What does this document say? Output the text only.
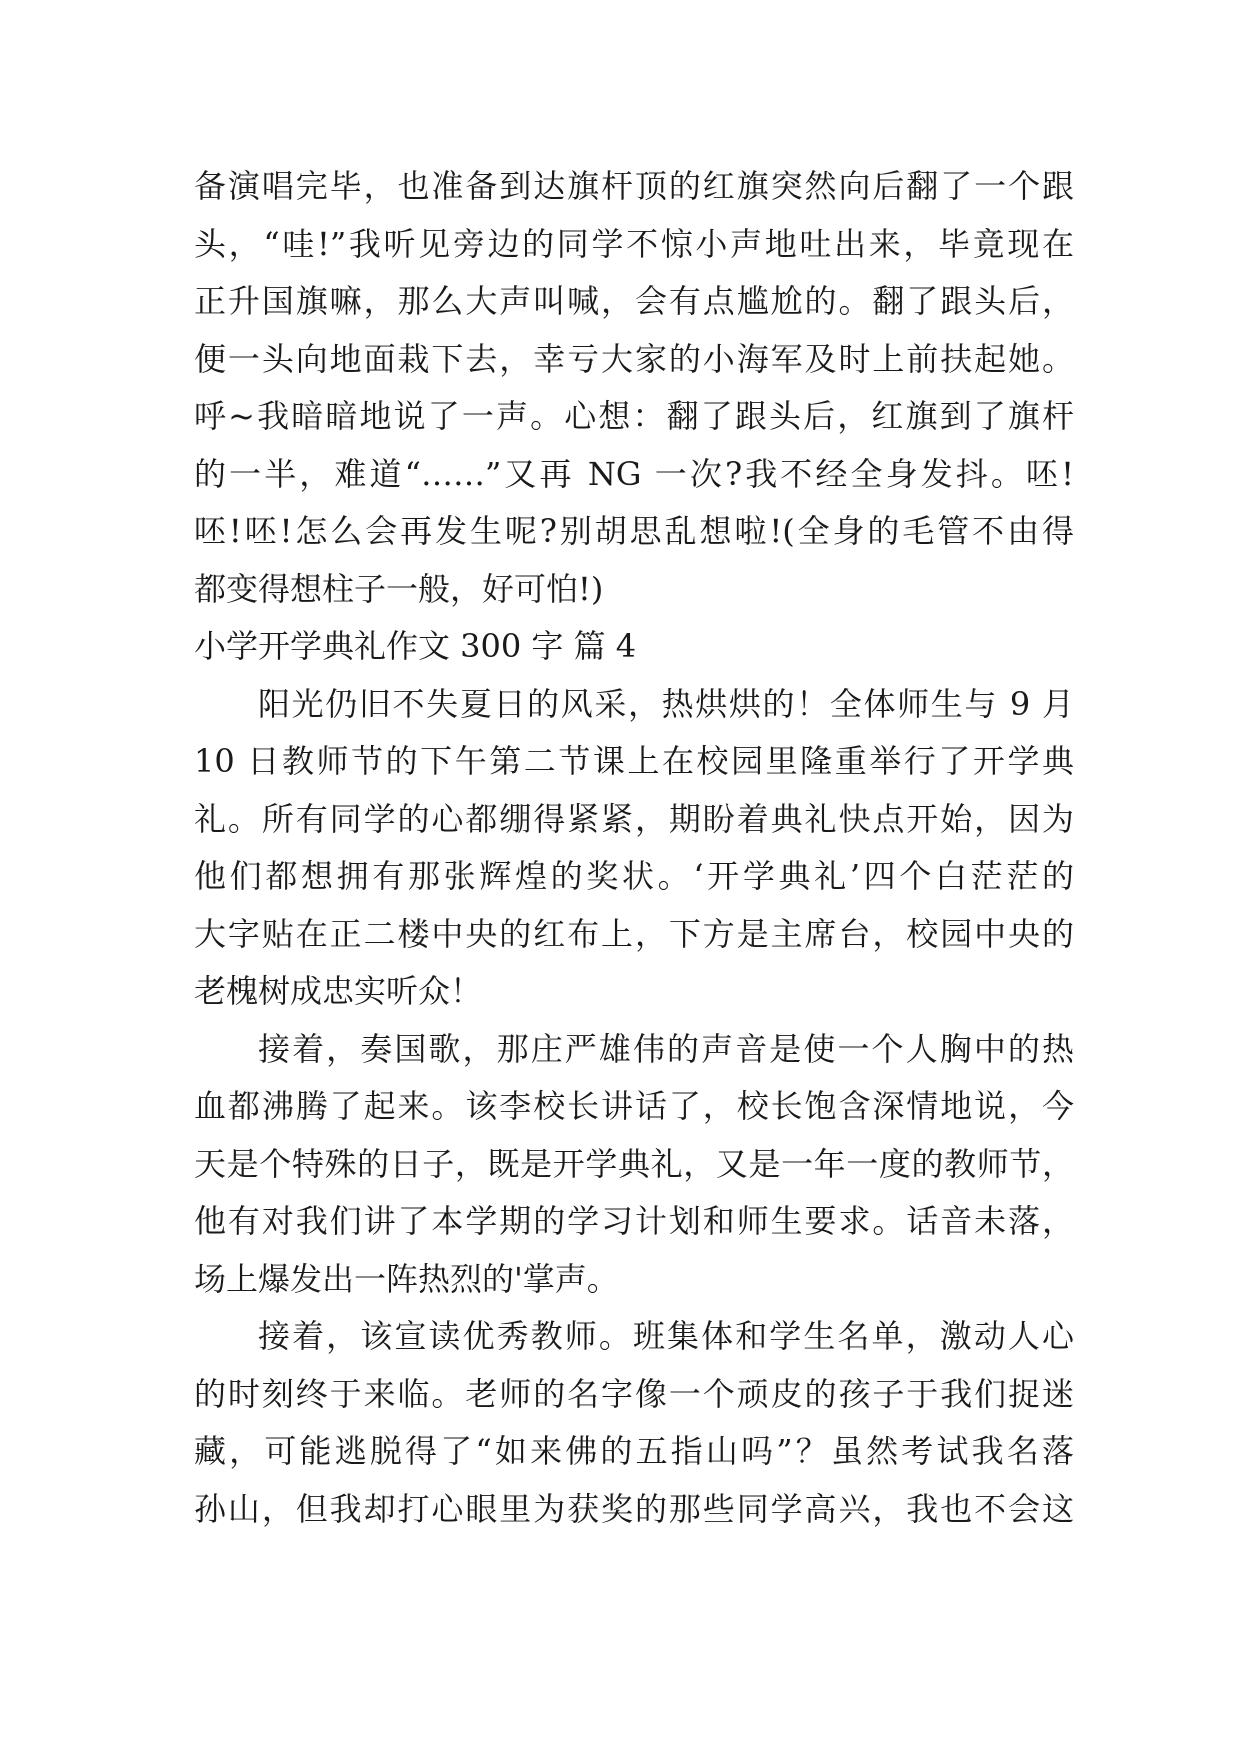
备演唱完毕，也准备到达旗杆顶的红旗突然向后翻了一个跟
头，“哇!”我听见旁边的同学不惊小声地吐出来，毕竟现在
正升国旗嘛，那么大声叫喊，会有点尴尬的。翻了跟头后，
便一头向地面栽下去，幸亏大家的小海军及时上前扶起她。
呼~我暗暗地说了一声。心想：翻了跟头后，红旗到了旗杆
的一半，难道“……”又再 NG 一次?我不经全身发抖。呸!
呸!呸!怎么会再发生呢?别胡思乱想啦!(全身的毛管不由得
都变得想柱子一般，好可怕!)
小学开学典礼作文 300 字 篇 4
阳光仍旧不失夏日的风采，热烘烘的！全体师生与 9 月
10 日教师节的下午第二节课上在校园里隆重举行了开学典
礼。所有同学的心都绷得紧紧，期盼着典礼快点开始，因为
他们都想拥有那张辉煌的奖状。‘开学典礼’四个白茫茫的
大字贴在正二楼中央的红布上，下方是主席台，校园中央的
老槐树成忠实听众！
接着，奏国歌，那庄严雄伟的声音是使一个人胸中的热
血都沸腾了起来。该李校长讲话了，校长饱含深情地说，今
天是个特殊的日子，既是开学典礼，又是一年一度的教师节，
他有对我们讲了本学期的学习计划和师生要求。话音未落，
场上爆发出一阵热烈的'掌声。
接着，该宣读优秀教师。班集体和学生名单，激动人心
的时刻终于来临。老师的名字像一个顽皮的孩子于我们捉迷
藏，可能逃脱得了“如来佛的五指山吗”？虽然考试我名落
孙山，但我却打心眼里为获奖的那些同学高兴，我也不会这
